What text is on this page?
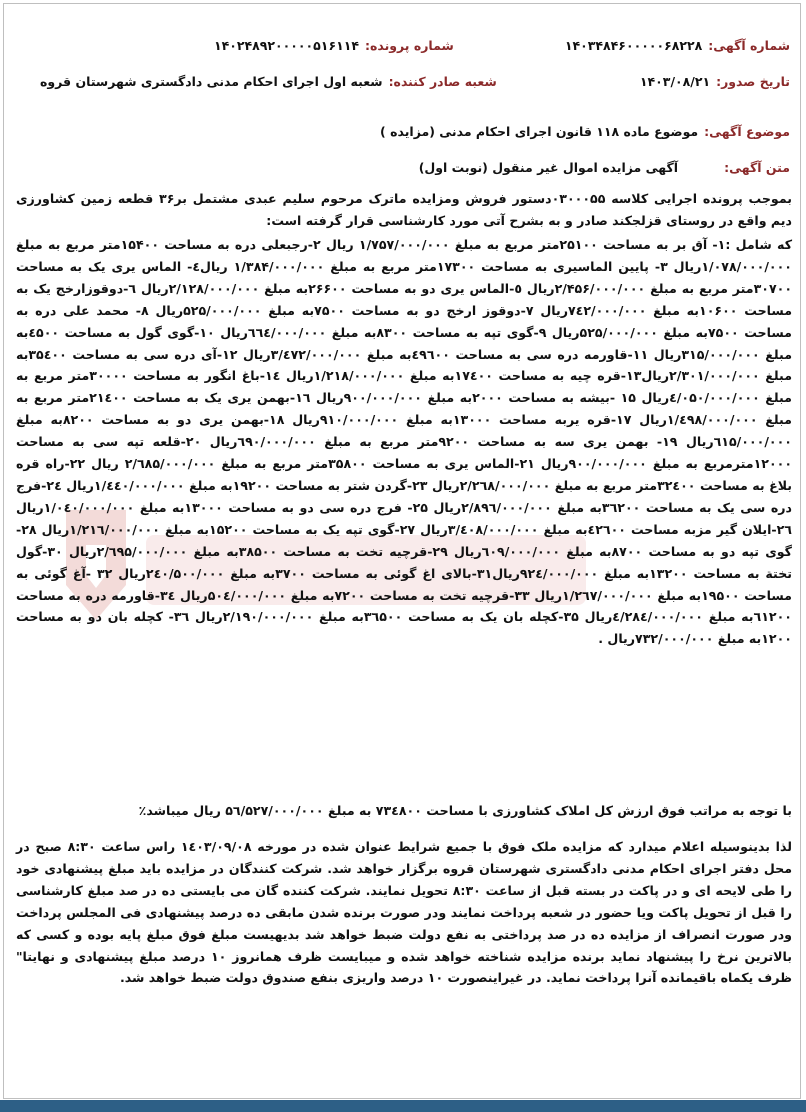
شماره آگهی:
۱۴۰۳۴۸۴۶۰۰۰۰۰۶۸۲۲۸
شماره پرونده:
۱۴۰۲۴۸۹۲۰۰۰۰۰۵۱۶۱۱۴
تاریخ صدور:
۱۴۰۳/۰۸/۲۱
شعبه صادر کننده:
شعبه اول اجرای احکام مدنی دادگستری شهرستان قروه
موضوع آگهی:
موضوع ماده ۱۱۸ قانون اجرای احکام مدنی (مزایده )
متن آگهی:
آگهی مزایده اموال غیر منقول (نوبت اول)
بموجب پرونده اجرایی کلاسه ۰۳۰۰۰۵۵دستور فروش ومزایده ماترک مرحوم سلیم عبدی مشتمل بر۳۶ قطعه زمین کشاورزی دیم واقع در روستای قزلجکند صادر و به بشرح آتی مورد کارشناسی قرار گرفته است:
که شامل :۱- آق بر به مساحت ۲۵۱۰۰متر مربع به مبلغ ۱/۷۵۷/۰۰۰/۰۰۰ ریال ۲-رجبعلی دره به مساحت ۱۵۴۰۰متر مربع به مبلغ ۱/۰۷۸/۰۰۰/۰۰۰ریال ۳- پایین الماسیری به مساحت ۱۷۳۰۰متر مربع به مبلغ ۱/۳۸۴/۰۰۰/۰۰۰ ریال٤- الماس یری یک به مساحت ۳۰۷۰۰متر مربع به مبلغ ۲/۴۵۶/۰۰۰/۰۰۰ریال ٥-الماس یری دو به مساحت ۲۶۶۰۰به مبلغ ۲/۱۲۸/۰۰۰/۰۰۰ریال ٦-دوقوزارخج یک به مساحت ۱۰۶۰۰به مبلغ ۷٤۲/۰۰۰/۰۰۰ریال ۷-دوقوز ارخج دو به مساحت ۷۵۰۰به مبلغ ۵۲۵/۰۰۰/۰۰۰ریال ۸- محمد علی دره به مساحت ۷۵۰۰به مبلغ ۵۲۵/۰۰۰/۰۰۰ریال ۹-گوی تپه به مساحت ۸۳۰۰به مبلغ ٦٦٤/۰۰۰/۰۰۰ریال ۱۰-گوی گول به مساحت ٤۵۰۰به مبلغ ۳۱۵/۰۰۰/۰۰۰ریال ۱۱-قاورمه دره سی به مساحت ٤۹٦۰۰به مبلغ ۳/٤۷۲/۰۰۰/۰۰۰ریال ۱۲-آی دره سی به مساحت ۳۵٤۰۰به مبلغ ۲/۳۰۱/۰۰۰/۰۰۰ریال۱۳-قره چیه به مساحت ۱۷٤۰۰به مبلغ ۱/۲۱۸/۰۰۰/۰۰۰ریال ۱٤-باغ انگور به مساحت ۳۰۰۰۰متر مربع به مبلغ ٤/۰۵۰/۰۰۰/۰۰۰ریال ۱۵ -بیشه به مساحت ۲۰۰۰به مبلغ ۹۰۰/۰۰۰/۰۰۰ریال ۱٦-بهمن یری یک به مساحت ۲۱٤۰۰متر مربع به مبلغ ۱/٤۹۸/۰۰۰/۰۰۰ریال ۱۷-قره یربه مساحت ۱۳۰۰۰به مبلغ ۹۱۰/۰۰۰/۰۰۰ریال ۱۸-بهمن یری دو به مساحت ۸۲۰۰به مبلغ ٦۱۵/۰۰۰/۰۰۰ریال ۱۹- بهمن یری سه به مساحت ۹۲۰۰متر مربع به مبلغ ٦۹۰/۰۰۰/۰۰۰ریال ۲۰-قلعه تپه سی به مساحت ۱۲۰۰۰مترمربع به مبلغ ۹۰۰/۰۰۰/۰۰۰ریال ۲۱-الماس یری به مساحت ۳۵۸۰۰متر مربع به مبلغ ۲/٦۸۵/۰۰۰/۰۰۰ ریال ۲۲-راه قره بلاغ به مساحت ۳۲٤۰۰متر مربع به مبلغ ۲/۲٦۸/۰۰۰/۰۰۰ریال ۲۳-گردن شتر به مساحت ۱۹۲۰۰به مبلغ ۱/٤٤۰/۰۰۰/۰۰۰ریال ۲٤-فرج دره سی یک به مساحت ۳٦۲۰۰به مبلغ ۲/۸۹٦/۰۰۰/۰۰۰ریال ۲۵- فرج دره سی دو به مساحت ۱۳۰۰۰به مبلغ ۱/۰٤۰/۰۰۰/۰۰۰ریال ۲٦-ایلان گیر مزبه مساحت ٤۲٦۰۰به مبلغ ۳/٤۰۸/۰۰۰/۰۰۰ریال ۲۷-گوی تپه یک به مساحت ۱۵۲۰۰به مبلغ ۱/۲۱٦/۰۰۰/۰۰۰ریال ۲۸-گوی تپه دو به مساحت ۸۷۰۰به مبلغ ٦۰۹/۰۰۰/۰۰۰ریال ۲۹-قرچیه تخت به مساحت ۳۸۵۰۰به مبلغ ۲/٦۹۵/۰۰۰/۰۰۰ریال ۳۰-گول تختة به مساحت ۱۳۲۰۰به مبلغ ۹۲٤/۰۰۰/۰۰۰ریال۳۱-بالای اغ گوئی به مساحت ۳۷۰۰به مبلغ ۲٤۰/۵۰۰/۰۰۰ریال ۳۲ -آغ گوئی به مساحت ۱۹۵۰۰به مبلغ ۱/۲٦۷/۰۰۰/۰۰۰ریال ۳۳-قرچیه تخت به مساحت ۷۲۰۰به مبلغ ۵۰٤/۰۰۰/۰۰۰ریال ۳٤-قاورمه دره به مساحت ٦۱۲۰۰به مبلغ ٤/۲۸٤/۰۰۰/۰۰۰ریال ۳۵-کچله بان یک به مساحت ۳٦۵۰۰به مبلغ ۲/۱۹۰/۰۰۰/۰۰۰ریال ۳٦- کچله بان دو به مساحت ۱۲۰۰به مبلغ ۷۳۲/۰۰۰/۰۰۰ریال .
با توجه به مراتب فوق ارزش کل املاک کشاورزی با مساحت ۷۳٤۸۰۰ به مبلغ ۵٦/۵۲۷/۰۰۰/۰۰۰ ریال میباشد٪
لذا بدینوسیله اعلام میدارد که مزایده ملک فوق با جمیع شرایط عنوان شده در مورخه ۱٤۰۳/۰۹/۰۸ راس ساعت ۸:۳۰ صبح در محل دفتر اجرای احکام مدنی دادگستری شهرستان قروه برگزار خواهد شد. شرکت کنندگان در مزایده باید مبلغ پیشنهادی خود را طی لایحه ای و در پاکت در بسته قبل از ساعت ۸:۳۰ تحویل نمایند. شرکت کننده گان می بایستی ده در صد مبلغ کارشناسی را قبل از تحویل پاکت ویا حضور در شعبه پرداخت نمایند ودر صورت برنده شدن مابقی ده درصد پیشنهادی فی المجلس پرداخت ودر صورت انصراف از مزایده ده در صد پرداختی به نفع دولت ضبط خواهد شد بدیهیست مبلغ فوق مبلغ پایه بوده و کسی که بالاترین نرخ را پیشنهاد نماید برنده مزایده شناخته خواهد شده و میبایست ظرف همانروز ۱۰ درصد مبلغ پیشنهادی و نهایتا" ظرف یکماه باقیمانده آنرا پرداخت نماید. در غیراینصورت ۱۰ درصد واریزی بنفع صندوق دولت ضبط خواهد شد.
